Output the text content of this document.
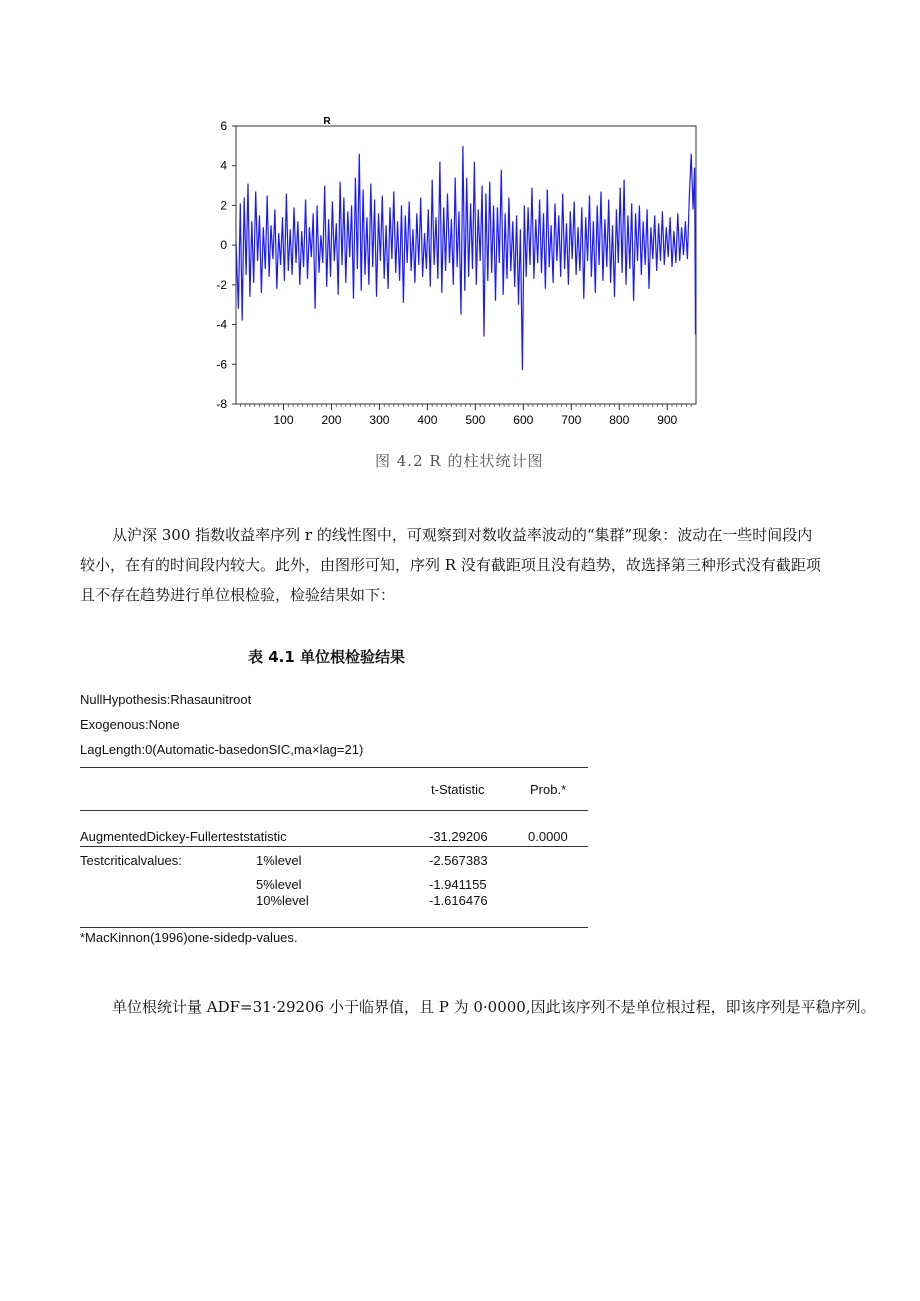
R
-8
-6
-4
-2
0
2
4
6
100 200 300 400 500 600 700 800 900
图 4.2 R 的柱状统计图

从沪深 300 指数收益率序列 r 的线性图中，可观察到对数收益率波动的“集群”现象：波动在一些时间段内

较小，在有的时间段内较大。此外，由图形可知，序列 R 没有截距项且没有趋势，故选择第三种形式没有截距项

且不存在趋势进行单位根检验，检验结果如下：

表 4.1 单位根检验结果
NullHypothesis:Rhasaunitroot
Exogenous:None
LagLength:0(Automatic-basedonSIC,ma×lag=21)
t-Statistic	Prob.*
AugmentedDickey-Fullerteststatistic	-31.29206	0.0000
Testcriticalvalues:	1%level	-2.567383
5%level	-1.941155
10%level	-1.616476
*MacKinnon(1996)one-sidedp-values.

单位根统计量 ADF=31·29206 小于临界值，且 P 为 0·0000,因此该序列不是单位根过程，即该序列是平稳序列。
